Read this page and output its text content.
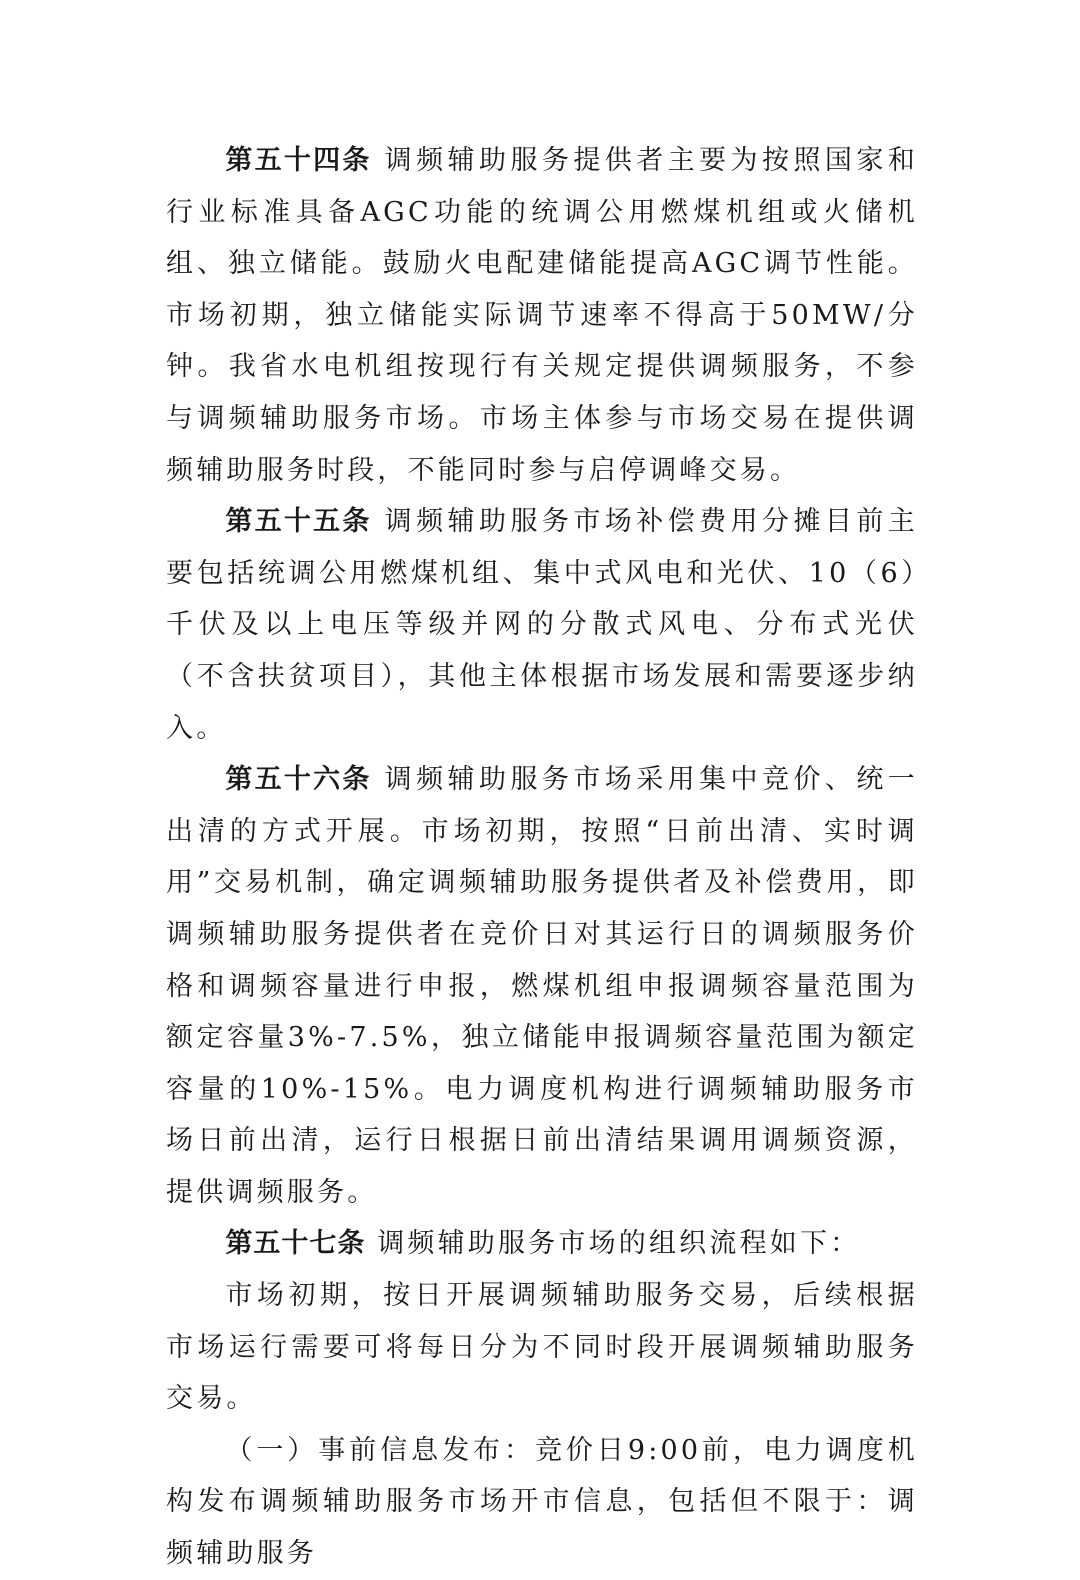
第五十四条 调频辅助服务提供者主要为按照国家和行业标准具备AGC功能的统调公用燃煤机组或火储机组、独立储能。鼓励火电配建储能提高AGC调节性能。市场初期，独立储能实际调节速率不得高于50MW/分钟。我省水电机组按现行有关规定提供调频服务，不参与调频辅助服务市场。市场主体参与市场交易在提供调频辅助服务时段，不能同时参与启停调峰交易。

第五十五条 调频辅助服务市场补偿费用分摊目前主要包括统调公用燃煤机组、集中式风电和光伏、10（6）千伏及以上电压等级并网的分散式风电、分布式光伏（不含扶贫项目），其他主体根据市场发展和需要逐步纳入。

第五十六条 调频辅助服务市场采用集中竞价、统一出清的方式开展。市场初期，按照“日前出清、实时调用”交易机制，确定调频辅助服务提供者及补偿费用，即调频辅助服务提供者在竞价日对其运行日的调频服务价格和调频容量进行申报，燃煤机组申报调频容量范围为额定容量3%-7.5%，独立储能申报调频容量范围为额定容量的10%-15%。电力调度机构进行调频辅助服务市场日前出清，运行日根据日前出清结果调用调频资源，提供调频服务。

第五十七条 调频辅助服务市场的组织流程如下：

市场初期，按日开展调频辅助服务交易，后续根据市场运行需要可将每日分为不同时段开展调频辅助服务交易。

（一）事前信息发布：竞价日9:00前，电力调度机构发布调频辅助服务市场开市信息，包括但不限于：调频辅助服务
